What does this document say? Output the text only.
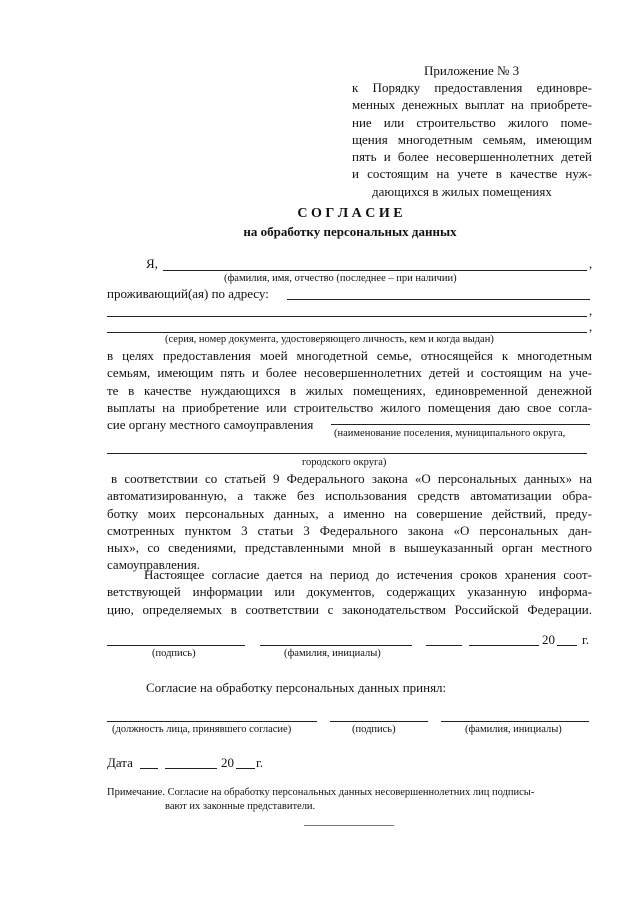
Приложение № 3
к Порядку предоставления единовре-
менных денежных выплат на приобрете-
ние или строительство жилого поме-
щения многодетным семьям, имеющим
пять и более несовершеннолетних детей
и состоящим на учете в качестве нуж-
дающихся в жилых помещениях
С О Г Л А С И Е
на обработку персональных данных
Я,	,
(фамилия, имя, отчество (последнее – при наличии)
проживающий(ая) по адресу:
,
,
(серия, номер документа, удостоверяющего личность, кем и когда выдан)
в целях предоставления моей многодетной семье, относящейся к многодетным
семьям, имеющим пять и более несовершеннолетних детей и состоящим на уче-
те в качестве нуждающихся в жилых помещениях, единовременной денежной
выплаты на приобретение или строительство жилого помещения даю свое согла-
сие органу местного самоуправления
(наименование поселения, муниципального округа,
городского округа)
в соответствии со статьей 9 Федерального закона «О персональных данных» на
автоматизированную, а также без использования средств автоматизации обра-
ботку моих персональных данных, а именно на совершение действий, преду-
смотренных пунктом 3 статьи 3 Федерального закона «О персональных дан-
ных», со сведениями, представленными мной в вышеуказанный орган местного
самоуправления.
Настоящее согласие дается на период до истечения сроков хранения соот-
ветствующей информации или документов, содержащих указанную информа-
цию, определяемых в соответствии с законодательством Российской Федерации.
20 г.
(подпись)	(фамилия, инициалы)
Согласие на обработку персональных данных принял:
(должность лица, принявшего согласие)	(подпись)	(фамилия, инициалы)
Дата	20 г.
Примечание. Согласие на обработку персональных данных несовершеннолетних лиц подписы-
вают их законные представители.
